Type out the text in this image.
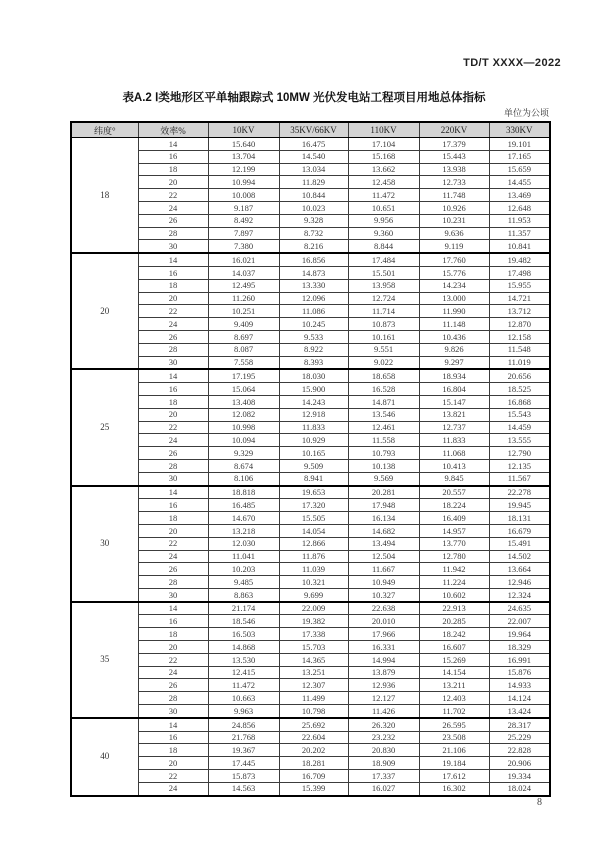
TD/T XXXX—2022
表A.2 Ⅰ类地形区平单轴跟踪式 10MW 光伏发电站工程项目用地总体指标
单位为公顷
纬度°	效率%	10KV	35KV/66KV	110KV	220KV	330KV
18	14	15.640	16.475	17.104	17.379	19.101
	16	13.704	14.540	15.168	15.443	17.165
	18	12.199	13.034	13.662	13.938	15.659
	20	10.994	11.829	12.458	12.733	14.455
	22	10.008	10.844	11.472	11.748	13.469
	24	9.187	10.023	10.651	10.926	12.648
	26	8.492	9.328	9.956	10.231	11.953
	28	7.897	8.732	9.360	9.636	11.357
	30	7.380	8.216	8.844	9.119	10.841
20	14	16.021	16.856	17.484	17.760	19.482
	16	14.037	14.873	15.501	15.776	17.498
	18	12.495	13.330	13.958	14.234	15.955
	20	11.260	12.096	12.724	13.000	14.721
	22	10.251	11.086	11.714	11.990	13.712
	24	9.409	10.245	10.873	11.148	12.870
	26	8.697	9.533	10.161	10.436	12.158
	28	8.087	8.922	9.551	9.826	11.548
	30	7.558	8.393	9.022	9.297	11.019
25	14	17.195	18.030	18.658	18.934	20.656
	16	15.064	15.900	16.528	16.804	18.525
	18	13.408	14.243	14.871	15.147	16.868
	20	12.082	12.918	13.546	13.821	15.543
	22	10.998	11.833	12.461	12.737	14.459
	24	10.094	10.929	11.558	11.833	13.555
	26	9.329	10.165	10.793	11.068	12.790
	28	8.674	9.509	10.138	10.413	12.135
	30	8.106	8.941	9.569	9.845	11.567
30	14	18.818	19.653	20.281	20.557	22.278
	16	16.485	17.320	17.948	18.224	19.945
	18	14.670	15.505	16.134	16.409	18.131
	20	13.218	14.054	14.682	14.957	16.679
	22	12.030	12.866	13.494	13.770	15.491
	24	11.041	11.876	12.504	12.780	14.502
	26	10.203	11.039	11.667	11.942	13.664
	28	9.485	10.321	10.949	11.224	12.946
	30	8.863	9.699	10.327	10.602	12.324
35	14	21.174	22.009	22.638	22.913	24.635
	16	18.546	19.382	20.010	20.285	22.007
	18	16.503	17.338	17.966	18.242	19.964
	20	14.868	15.703	16.331	16.607	18.329
	22	13.530	14.365	14.994	15.269	16.991
	24	12.415	13.251	13.879	14.154	15.876
	26	11.472	12.307	12.936	13.211	14.933
	28	10.663	11.499	12.127	12.403	14.124
	30	9.963	10.798	11.426	11.702	13.424
40	14	24.856	25.692	26.320	26.595	28.317
	16	21.768	22.604	23.232	23.508	25.229
	18	19.367	20.202	20.830	21.106	22.828
	20	17.445	18.281	18.909	19.184	20.906
	22	15.873	16.709	17.337	17.612	19.334
	24	14.563	15.399	16.027	16.302	18.024
8
